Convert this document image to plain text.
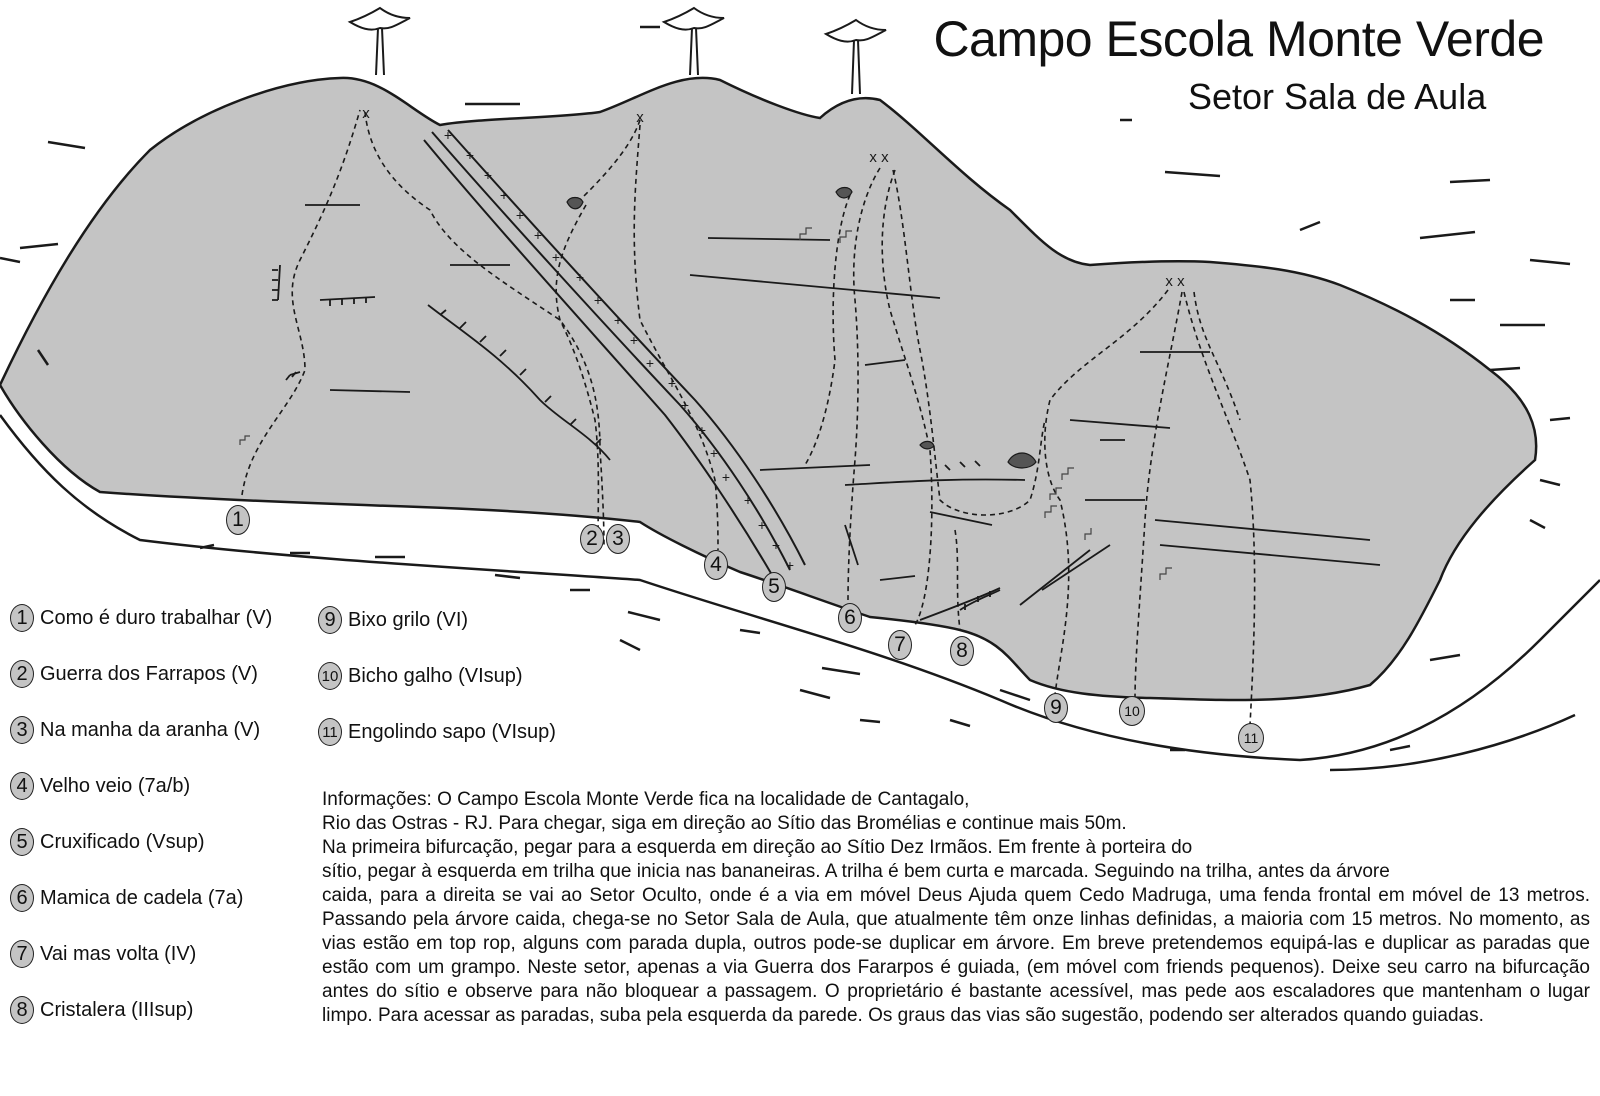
+
+
+
+
+
+
+
+
+
+
+
+
+
+
+
+
+
+
+
+
+
x	x
x x
x x
Campo Escola Monte Verde
Setor Sala de Aula
1
2 3
4
5
6
7 8
9	10
11
1 Como é duro trabalhar (V)
2 Guerra dos Farrapos (V)
3 Na manha da aranha (V)
4 Velho veio (7a/b)
5 Cruxificado (Vsup)
6 Mamica de cadela (7a)
7 Vai mas volta (IV)
8 Cristalera (IIIsup)
9 Bixo grilo (VI)
10 Bicho galho (VIsup)
11 Engolindo sapo (VIsup)

Informações: O Campo Escola Monte Verde fica na localidade de Cantagalo,

Rio das Ostras - RJ. Para chegar, siga em direção ao Sítio das Bromélias e continue mais 50m.

Na primeira bifurcação, pegar para a esquerda em direção ao Sítio Dez Irmãos. Em frente à porteira do

sítio, pegar à esquerda em trilha que inicia nas bananeiras. A trilha é bem curta e marcada. Seguindo na trilha, antes da árvore

caida, para a direita se vai ao Setor Oculto, onde é a via em móvel Deus Ajuda quem Cedo Madruga, uma fenda frontal em móvel de 13 metros. Passando pela árvore caida, chega-se no Setor Sala de Aula, que atualmente têm onze linhas definidas, a maioria com 15 metros. No momento, as vias estão em top rop, alguns com parada dupla, outros pode-se duplicar em árvore. Em breve pretendemos equipá-las e duplicar as paradas que estão com um grampo. Neste setor, apenas a via Guerra dos Fararpos é guiada, (em móvel com friends pequenos). Deixe seu carro na bifurcação antes do sítio e observe para não bloquear a passagem. O proprietário é bastante acessível, mas pede aos escaladores que mantenham o lugar limpo. Para acessar as paradas, suba pela esquerda da parede. Os graus das vias são sugestão, podendo ser alterados quando guiadas.
